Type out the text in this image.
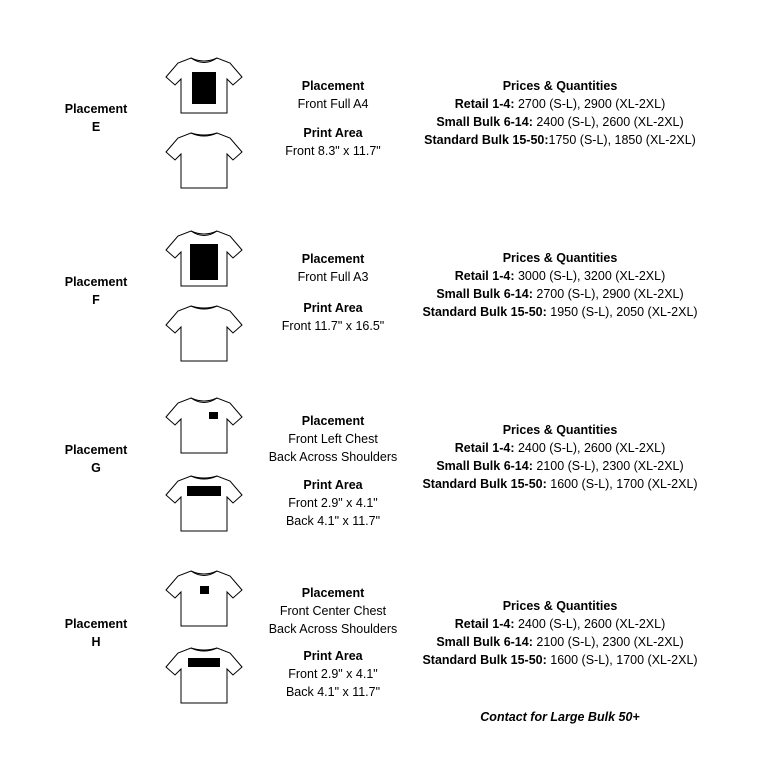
Placement
E
Placement
Front Full A4
Print Area
Front 8.3" x 11.7"
Prices & Quantities
Retail 1-4: 2700 (S-L), 2900 (XL-2XL)
Small Bulk 6-14: 2400 (S-L), 2600 (XL-2XL)
Standard Bulk 15-50:1750 (S-L), 1850 (XL-2XL)
Placement
F
Placement
Front Full A3
Print Area
Front 11.7" x 16.5"
Prices & Quantities
Retail 1-4: 3000 (S-L), 3200 (XL-2XL)
Small Bulk 6-14: 2700 (S-L), 2900 (XL-2XL)
Standard Bulk 15-50: 1950 (S-L), 2050 (XL-2XL)
Placement
G
Placement
Front Left Chest
Back Across Shoulders
Print Area
Front 2.9" x 4.1"
Back 4.1" x 11.7"
Prices & Quantities
Retail 1-4: 2400 (S-L), 2600 (XL-2XL)
Small Bulk 6-14: 2100 (S-L), 2300 (XL-2XL)
Standard Bulk 15-50: 1600 (S-L), 1700 (XL-2XL)
Placement
H
Placement
Front Center Chest
Back Across Shoulders
Print Area
Front 2.9" x 4.1"
Back 4.1" x 11.7"
Prices & Quantities
Retail 1-4: 2400 (S-L), 2600 (XL-2XL)
Small Bulk 6-14: 2100 (S-L), 2300 (XL-2XL)
Standard Bulk 15-50: 1600 (S-L), 1700 (XL-2XL)
Contact for Large Bulk 50+
